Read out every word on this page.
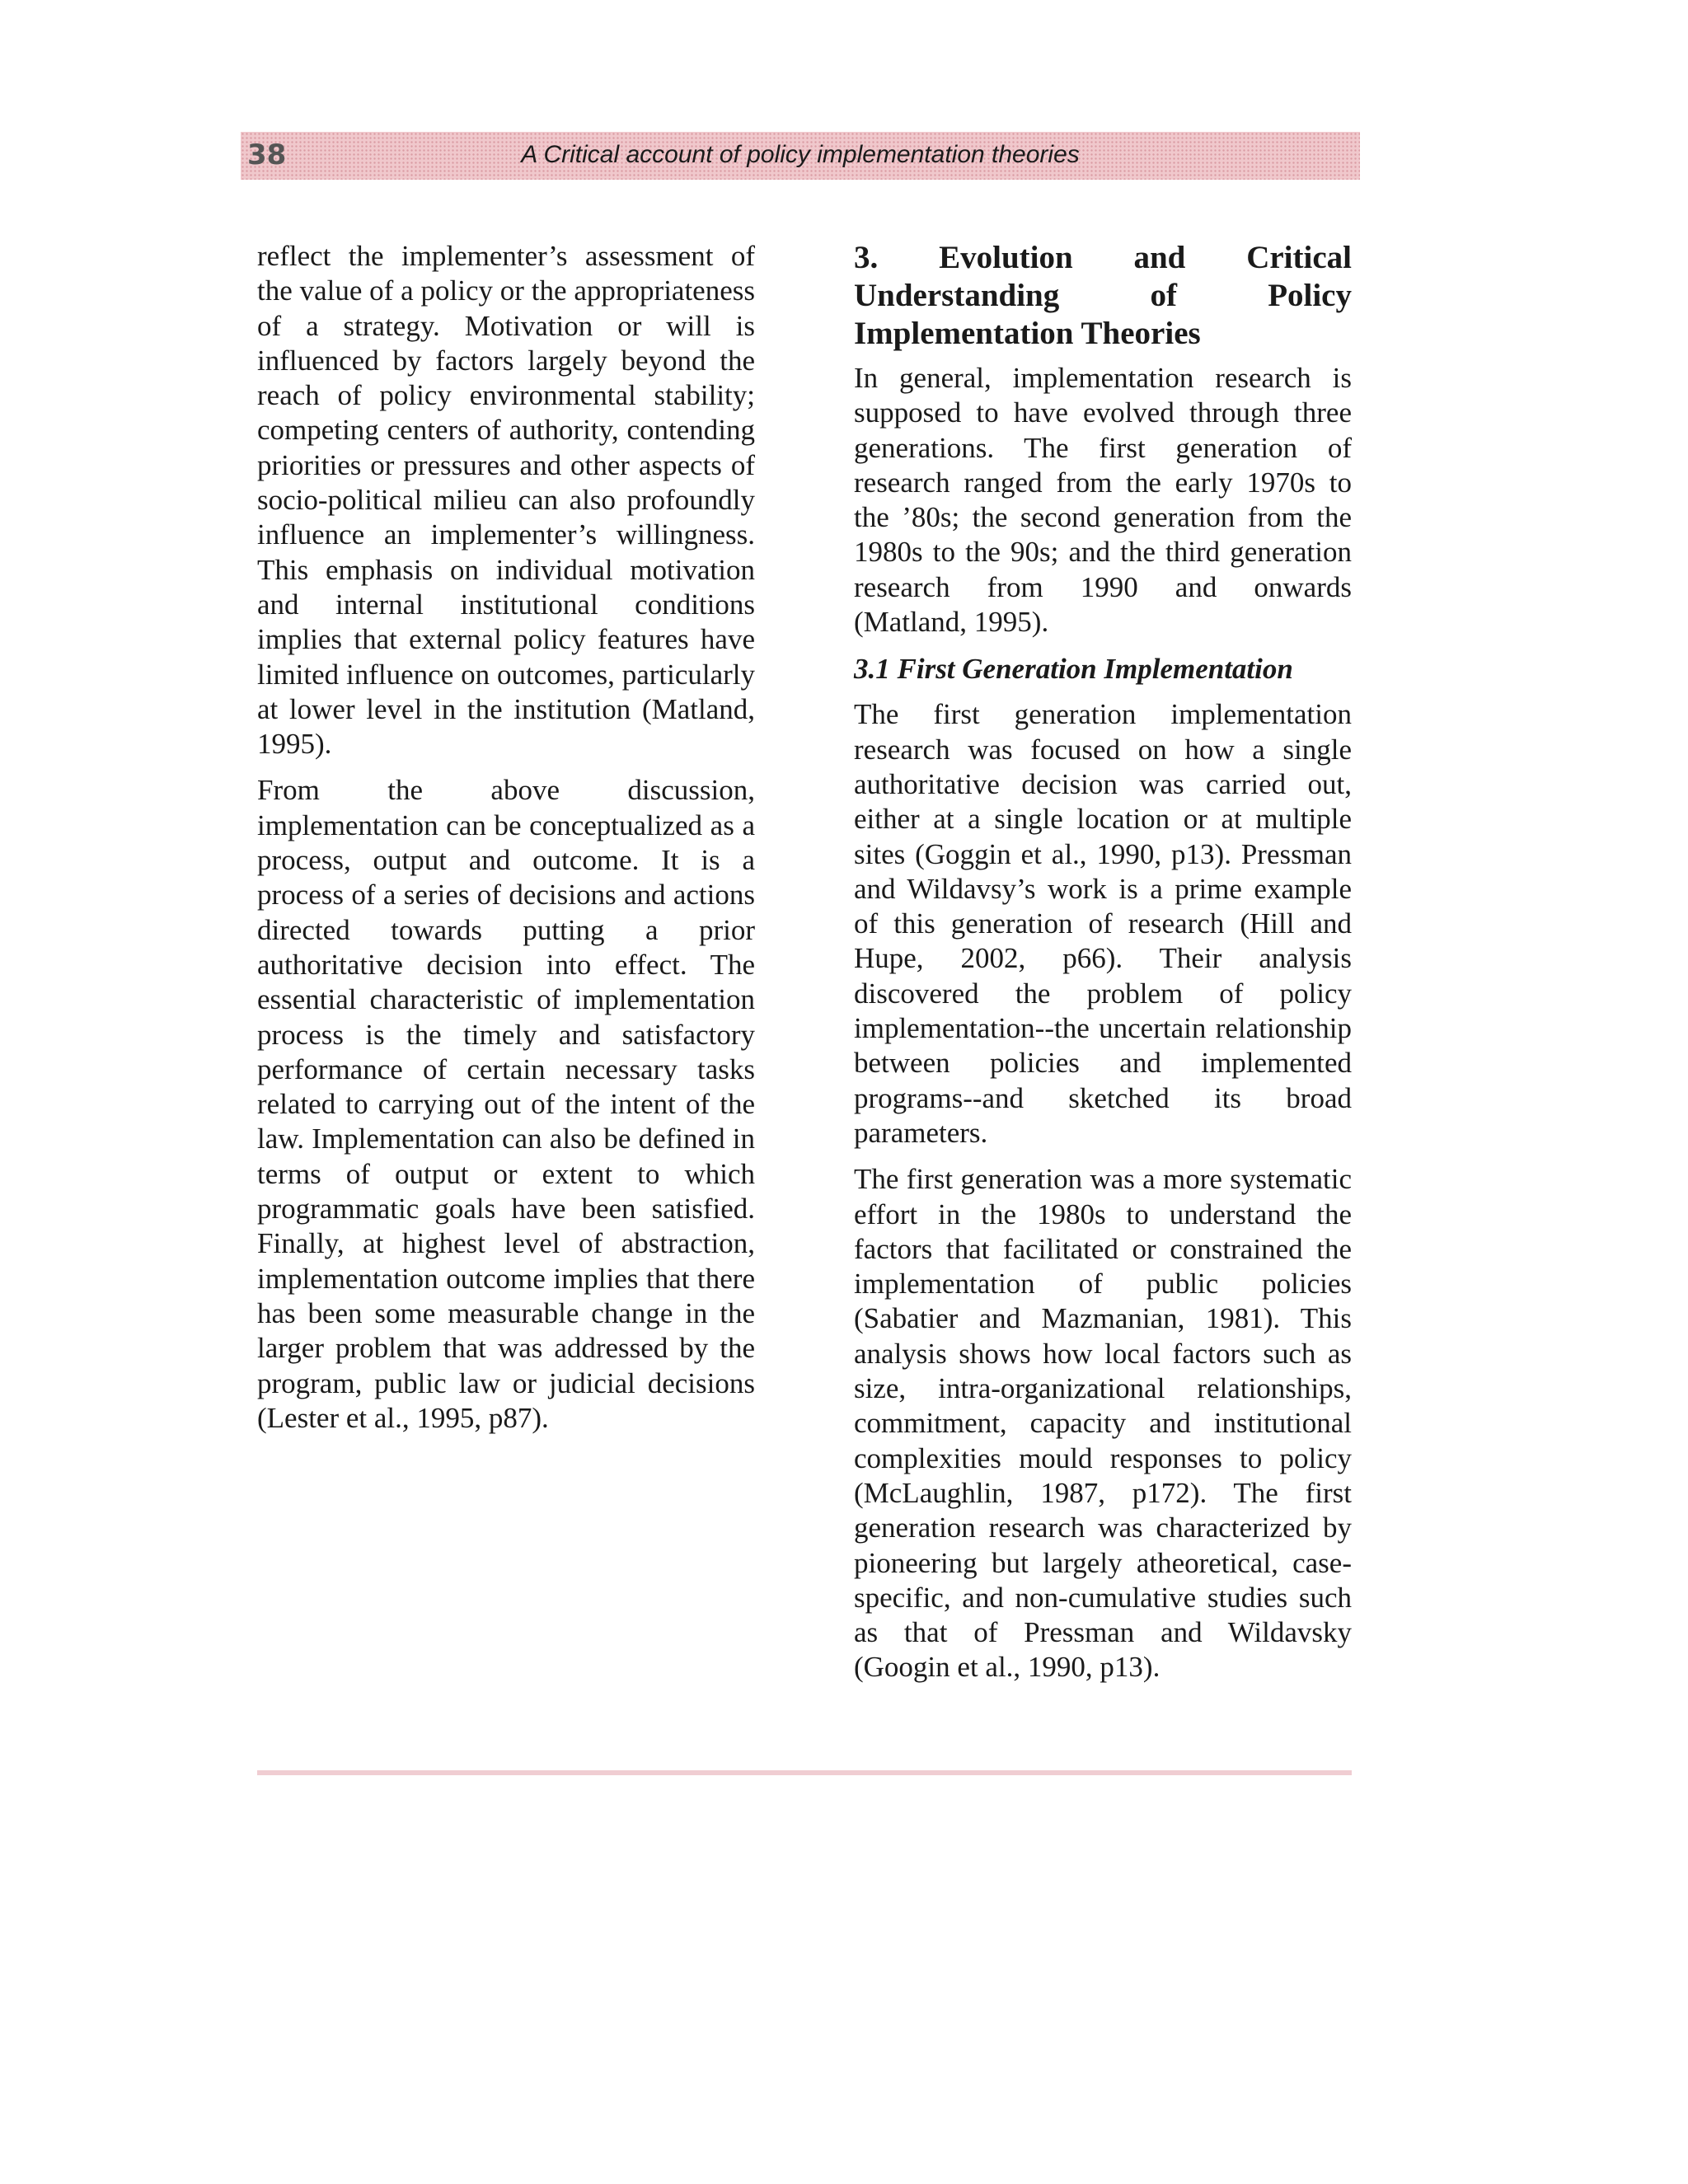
38	A Critical account of policy implementation theories

reflect the implementer’s assessment of the value of a policy or the appropriateness of a strategy. Motivation or will is influenced by factors largely beyond the reach of policy environmental stability; competing centers of authority, contending priorities or pressures and other aspects of socio-political milieu can also profoundly influence an implementer’s willingness. This emphasis on individual motivation and internal institutional conditions implies that external policy features have limited influence on outcomes, particularly at lower level in the institution (Matland, 1995).

From the above discussion, implementation can be conceptualized as a process, output and outcome. It is a process of a series of decisions and actions directed towards putting a prior authoritative decision into effect. The essential characteristic of implementation process is the timely and satisfactory performance of certain necessary tasks related to carrying out of the intent of the law. Implementation can also be defined in terms of output or extent to which programmatic goals have been satisfied. Finally, at highest level of abstraction, implementation outcome implies that there has been some measurable change in the larger problem that was addressed by the program, public law or judicial decisions (Lester et al., 1995, p87).

3. Evolution and Critical Understanding of Policy Implementation Theories

In general, implementation research is supposed to have evolved through three generations. The first generation of research ranged from the early 1970s to the ’80s; the second generation from the 1980s to the 90s; and the third generation research from 1990 and onwards (Matland, 1995).

3.1 First Generation Implementation

The first generation implementation research was focused on how a single authoritative decision was carried out, either at a single location or at multiple sites (Goggin et al., 1990, p13). Pressman and Wildavsy’s work is a prime example of this generation of research (Hill and Hupe, 2002, p66). Their analysis discovered the problem of policy implementation--the uncertain relationship between policies and implemented programs--and sketched its broad parameters.

The first generation was a more systematic effort in the 1980s to understand the factors that facilitated or constrained the implementation of public policies (Sabatier and Mazmanian, 1981). This analysis shows how local factors such as size, intra-organizational relationships, commitment, capacity and institutional complexities mould responses to policy (McLaughlin, 1987, p172). The first generation research was characterized by pioneering but largely atheoretical, case-specific, and non-cumulative studies such as that of Pressman and Wildavsky (Googin et al., 1990, p13).
